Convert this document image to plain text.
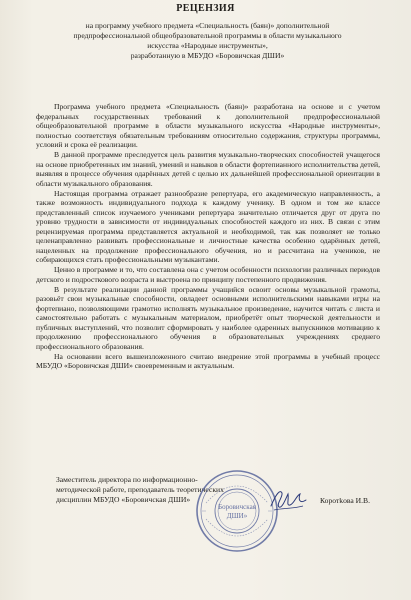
РЕЦЕНЗИЯ
на программу учебного предмета «Специальность (баян)» дополнительной
предпрофессиональной общеобразовательной программы в области музыкального
искусства «Народные инструменты»,
разработанную в МБУДО «Боровичская ДШИ»

Программа учебного предмета «Специальность (баян)» разработана на основе и с учетом федеральных государственных требований к дополнительной предпрофессиональной общеобразовательной программе в области музыкального искусства «Народные инструменты», полностью соответствуя обязательным требованиям относительно содержания, структуры программы, условий и срока её реализации.

В данной программе преследуется цель развития музыкально-творческих способностей учащегося на основе приобретенных им знаний, умений и навыков в области фортепианного исполнительства детей, выявляя в процессе обучения одарённых детей с целью их дальнейшей профессиональной ориентации в области музыкального образования.

Настоящая программа отражает разнообразие репертуара, его академическую направленность, а также возможность индивидуального подхода к каждому ученику. В одном и том же классе представленный список изучаемого учениками репертуара значительно отличается друг от друга по уровню трудности в зависимости от индивидуальных способностей каждого из них. В связи с этим рецензируемая программа представляется актуальной и необходимой, так как позволяет не только целенаправленно развивать профессиональные и личностные качества особенно одарённых детей, нацеленных на продолжение профессионального обучения, но и рассчитана на учеников, не собирающихся стать профессиональными музыкантами.

Ценно в программе и то, что составлена она с учетом особенности психологии различных периодов детского и подросткового возраста и выстроена по принципу постепенного продвижения.

В результате реализации данной программы учащийся освоит основы музыкальной грамоты, разовьёт свои музыкальные способности, овладеет основными исполнительскими навыками игры на фортепиано, позволяющими грамотно исполнять музыкальное произведение, научится читать с листа и самостоятельно работать с музыкальным материалом, приобретёт опыт творческой деятельности и публичных выступлений, что позволит сформировать у наиболее одаренных выпускников мотивацию к продолжению профессионального обучения в образовательных учреждениях среднего профессионального образования.

На основании всего вышеизложенного считаю внедрение этой программы в учебный процесс МБУДО «Боровичская ДШИ» своевременным и актуальным.

Заместитель директора по информационно-
методической работе, преподаватель теоретических
дисциплин МБУДО «Боровичская ДШИ»
Боровичская
ДШИ»
Коротkова И.В.
